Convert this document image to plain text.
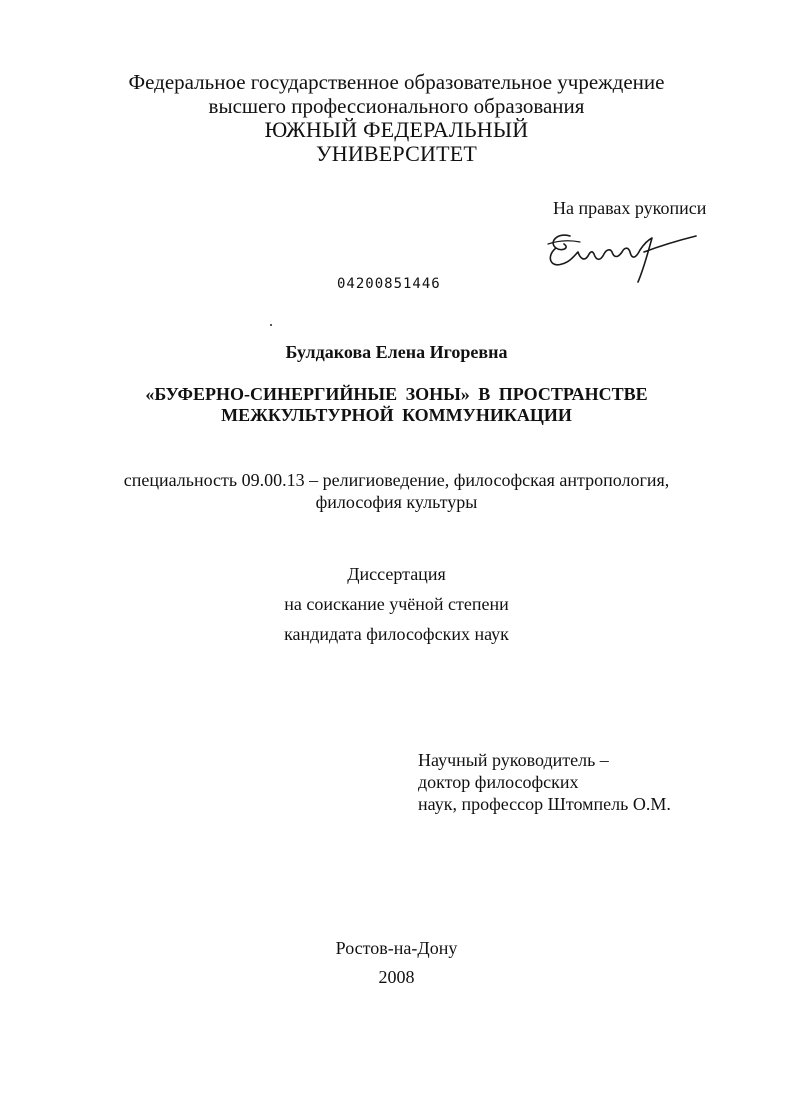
Федеральное государственное образовательное учреждение
высшего профессионального образования
ЮЖНЫЙ ФЕДЕРАЛЬНЫЙ
УНИВЕРСИТЕТ
На правах рукописи
04200851446
Булдакова Елена Игоревна
«БУФЕРНО-СИНЕРГИЙНЫЕ ЗОНЫ» В ПРОСТРАНСТВЕ
МЕЖКУЛЬТУРНОЙ КОММУНИКАЦИИ
специальность 09.00.13 – религиоведение, философская антропология,
философия культуры
Диссертация
на соискание учёной степени
кандидата философских наук
Научный руководитель –
доктор философских
наук, профессор Штомпель О.М.
Ростов-на-Дону
2008
